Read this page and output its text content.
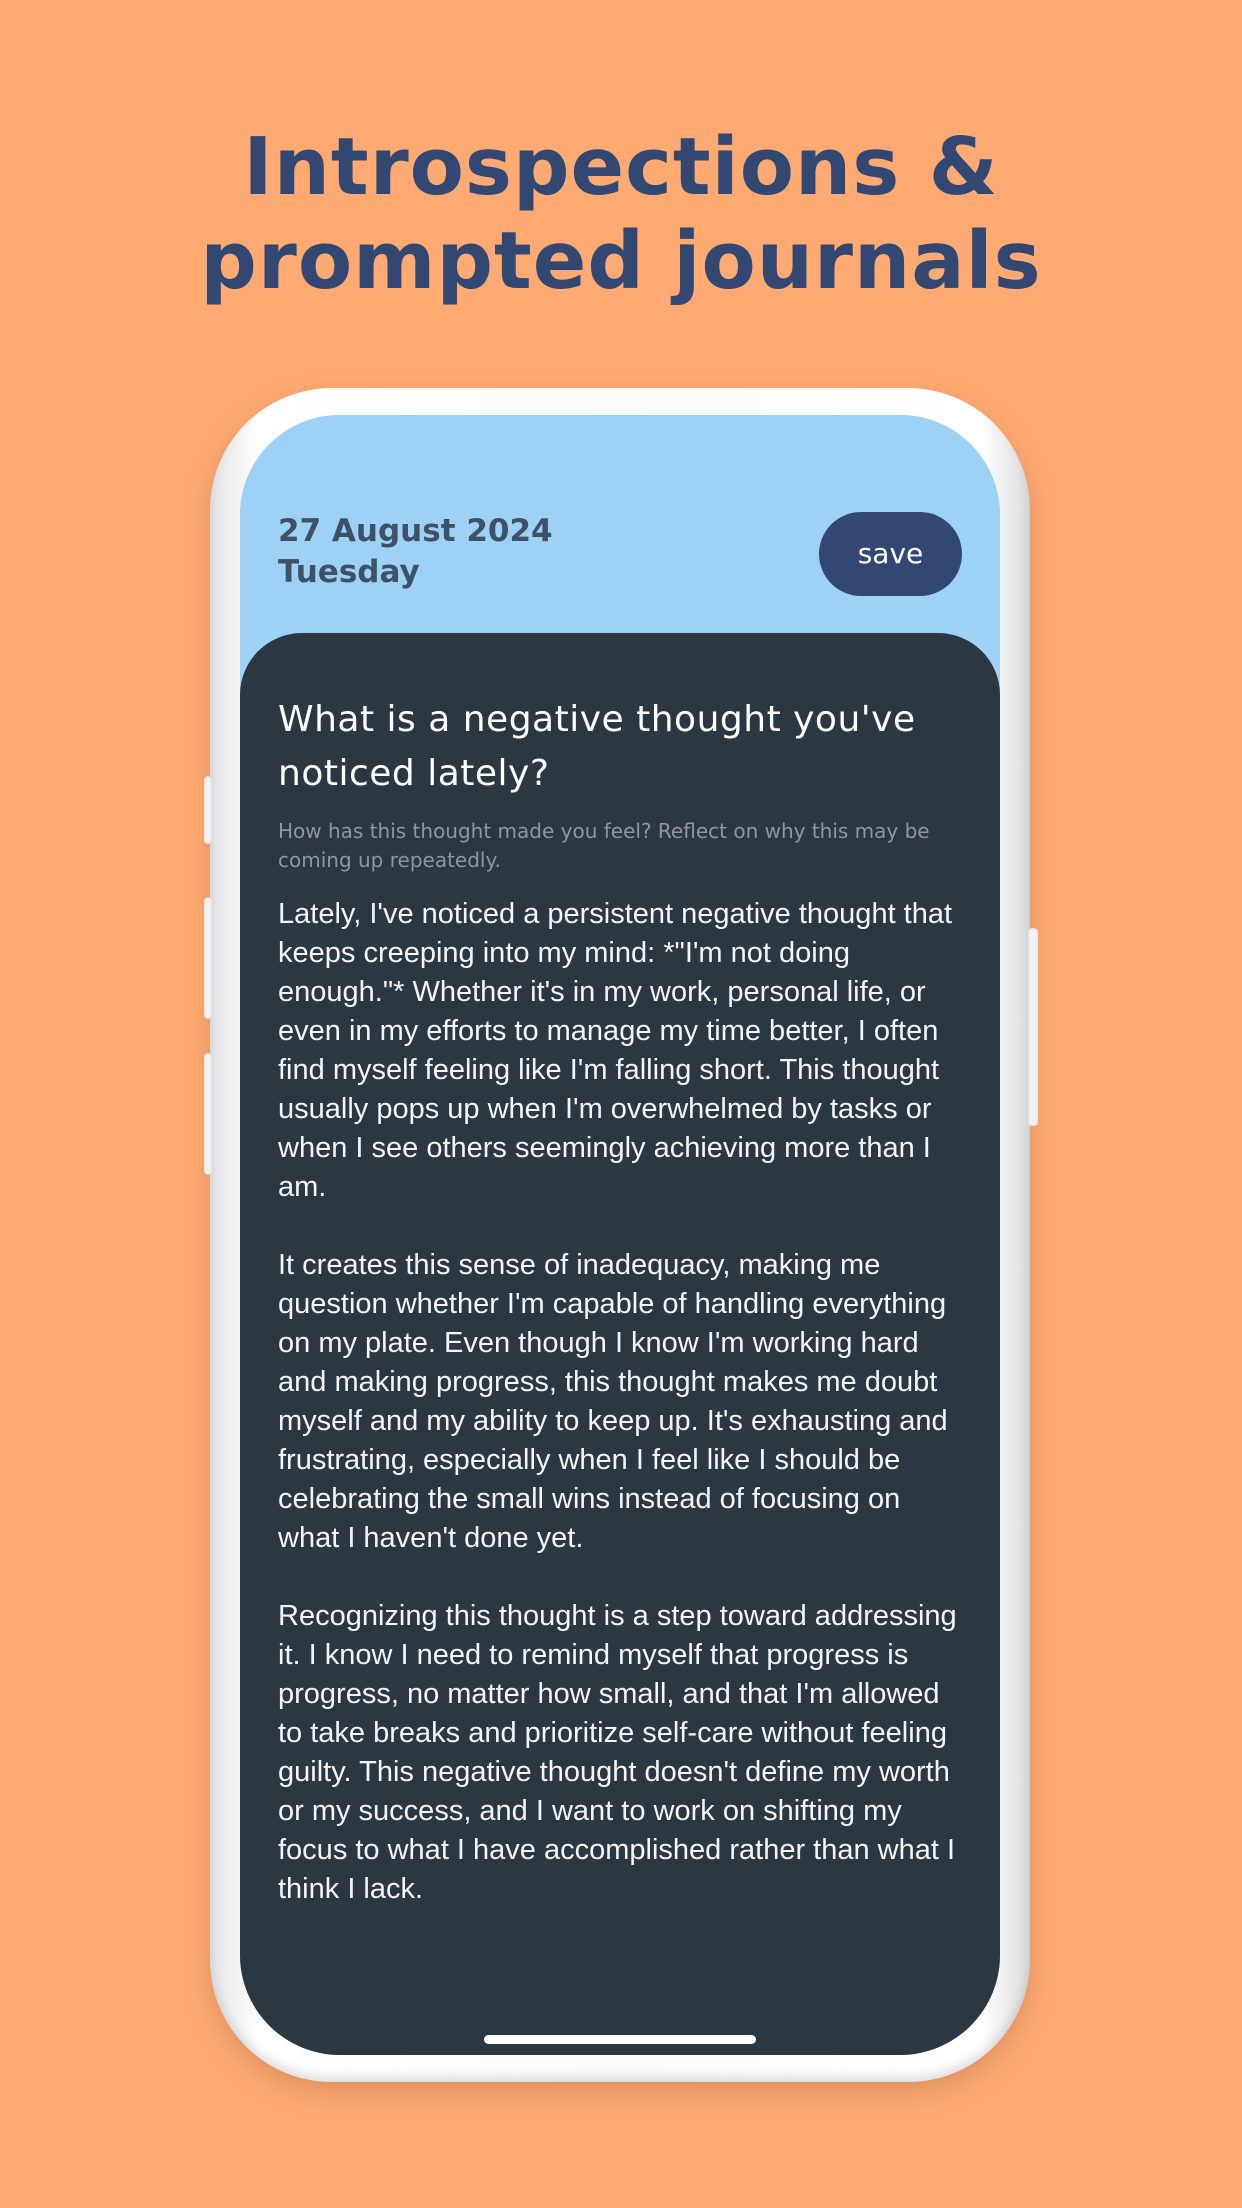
Introspections &
prompted journals
27 August 2024
Tuesday
save
What is a negative thought you've noticed lately?
How has this thought made you feel? Reflect on why this may be coming up repeatedly.

Lately, I've noticed a persistent negative thought that keeps creeping into my mind: *"I'm not doing enough."* Whether it's in my work, personal life, or even in my efforts to manage my time better, I often find myself feeling like I'm falling short. This thought usually pops up when I'm overwhelmed by tasks or when I see others seemingly achieving more than I am.

It creates this sense of inadequacy, making me question whether I'm capable of handling everything on my plate. Even though I know I'm working hard and making progress, this thought makes me doubt myself and my ability to keep up. It's exhausting and frustrating, especially when I feel like I should be celebrating the small wins instead of focusing on what I haven't done yet.

Recognizing this thought is a step toward addressing it. I know I need to remind myself that progress is progress, no matter how small, and that I'm allowed to take breaks and prioritize self-care without feeling guilty. This negative thought doesn't define my worth or my success, and I want to work on shifting my focus to what I have accomplished rather than what I think I lack.
